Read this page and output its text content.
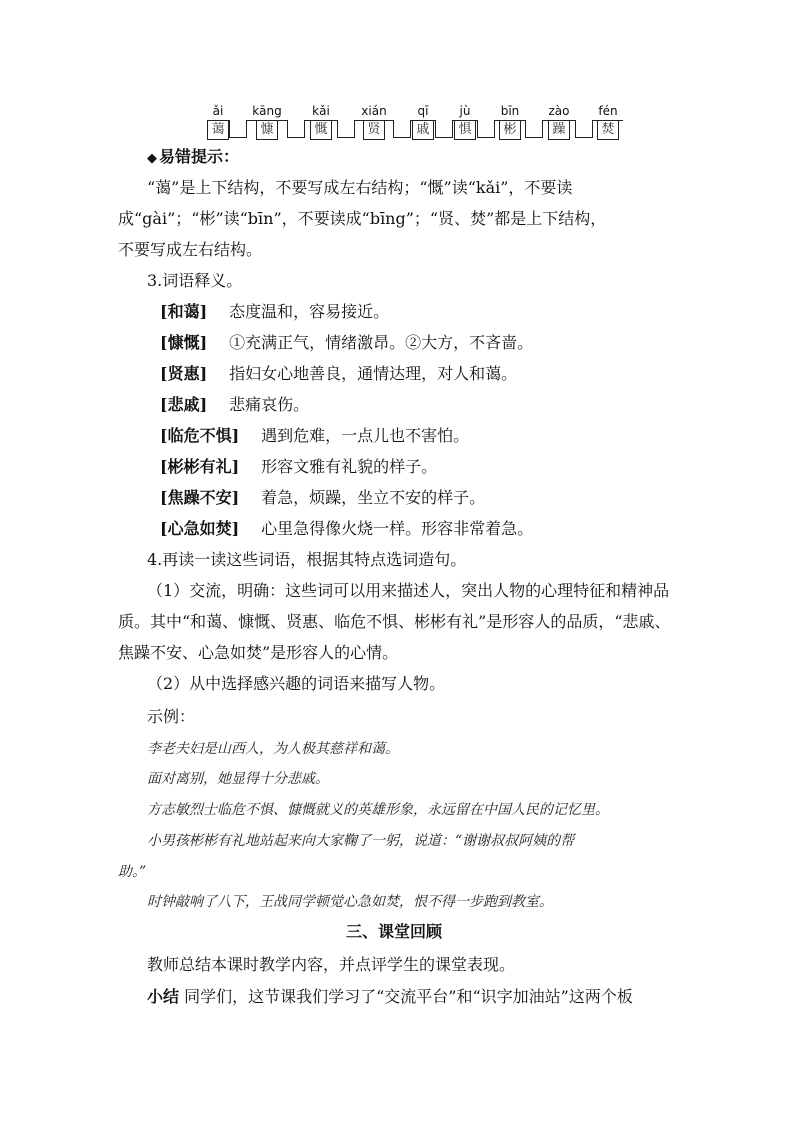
ǎi
蔼
kāng
慷
kǎi
慨
xián
贤
qī
戚
jù
惧
bīn
彬
zào
躁
fén
焚
◆ 易错提示：
“蔼”是上下结构，不要写成左右结构；“慨”读“kǎi”，不要读
成“gài”；“彬”读“bīn”，不要读成“bīng”；“贤、焚”都是上下结构，
不要写成左右结构。
3.词语释义。
[和蔼] 态度温和，容易接近。
[慷慨] ①充满正气，情绪激昂。②大方，不吝啬。
[贤惠] 指妇女心地善良，通情达理，对人和蔼。
[悲戚] 悲痛哀伤。
[临危不惧] 遇到危难，一点儿也不害怕。
[彬彬有礼] 形容文雅有礼貌的样子。
[焦躁不安] 着急，烦躁，坐立不安的样子。
[心急如焚] 心里急得像火烧一样。形容非常着急。
4.再读一读这些词语，根据其特点选词造句。
（1）交流，明确：这些词可以用来描述人，突出人物的心理特征和精神品
质。其中“和蔼、慷慨、贤惠、临危不惧、彬彬有礼”是形容人的品质，“悲戚、
焦躁不安、心急如焚”是形容人的心情。
（2）从中选择感兴趣的词语来描写人物。
示例：
李老夫妇是山西人，为人极其慈祥和蔼。
面对离别，她显得十分悲戚。
方志敏烈士临危不惧、慷慨就义的英雄形象，永远留在中国人民的记忆里。
小男孩彬彬有礼地站起来向大家鞠了一躬，说道：“谢谢叔叔阿姨的帮
助。”
时钟敲响了八下，王战同学顿觉心急如焚，恨不得一步跑到教室。
三、课堂回顾
教师总结本课时教学内容，并点评学生的课堂表现。
小结 同学们，这节课我们学习了“交流平台”和“识字加油站”这两个板
